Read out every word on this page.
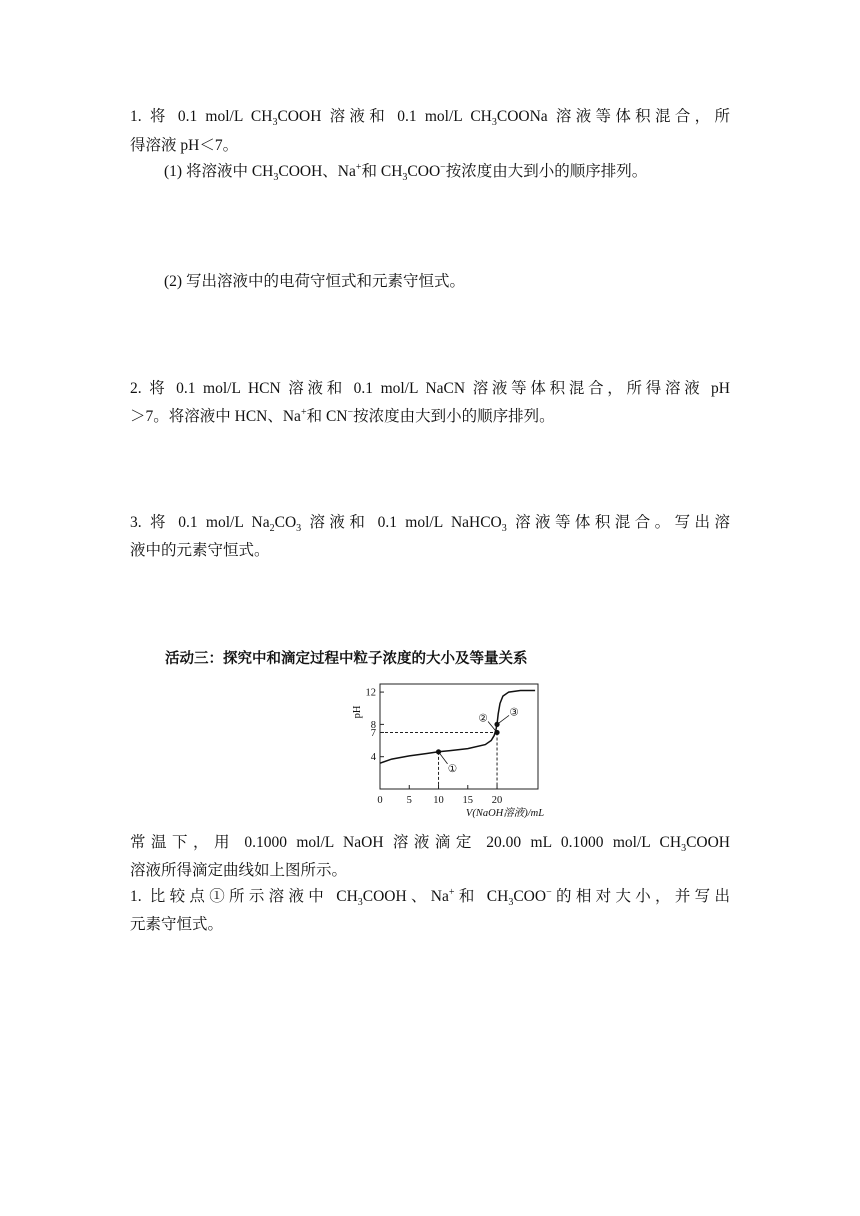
1. 将 0.1 mol/L $CH_3COOH$ 溶液和 0.1 mol/L $CH_3COONa$ 溶液等体积混合，所
得溶液 pH＜7。
(1) 将溶液中 $CH_3COOH$、Na+和 $CH_3COO^-$按浓度由大到小的顺序排列。
(2) 写出溶液中的电荷守恒式和元素守恒式。
2. 将 0.1 mol/L HCN 溶液和 0.1 mol/L NaCN 溶液等体积混合，所得溶液 pH
＞7。将溶液中 HCN、Na+和 CN−按浓度由大到小的顺序排列。
3. 将 0.1 mol/L $Na_2CO_3$ 溶液和 0.1 mol/L NaHCO$_3$ 溶液等体积混合。写出溶
液中的元素守恒式。
活动三：探究中和滴定过程中粒子浓度的大小及等量关系
4
7
8
12
0 5 10 15 20
①
②
③
pH
V(NaOH溶液)/mL
常温下，用 0.1000 mol/L NaOH 溶液滴定 20.00 mL 0.1000 mol/L $CH_3COOH$
溶液所得滴定曲线如上图所示。
1. 比较点①所示溶液中 $CH_3COOH$、Na+和 $CH_3COO^-$的相对大小，并写出
元素守恒式。
